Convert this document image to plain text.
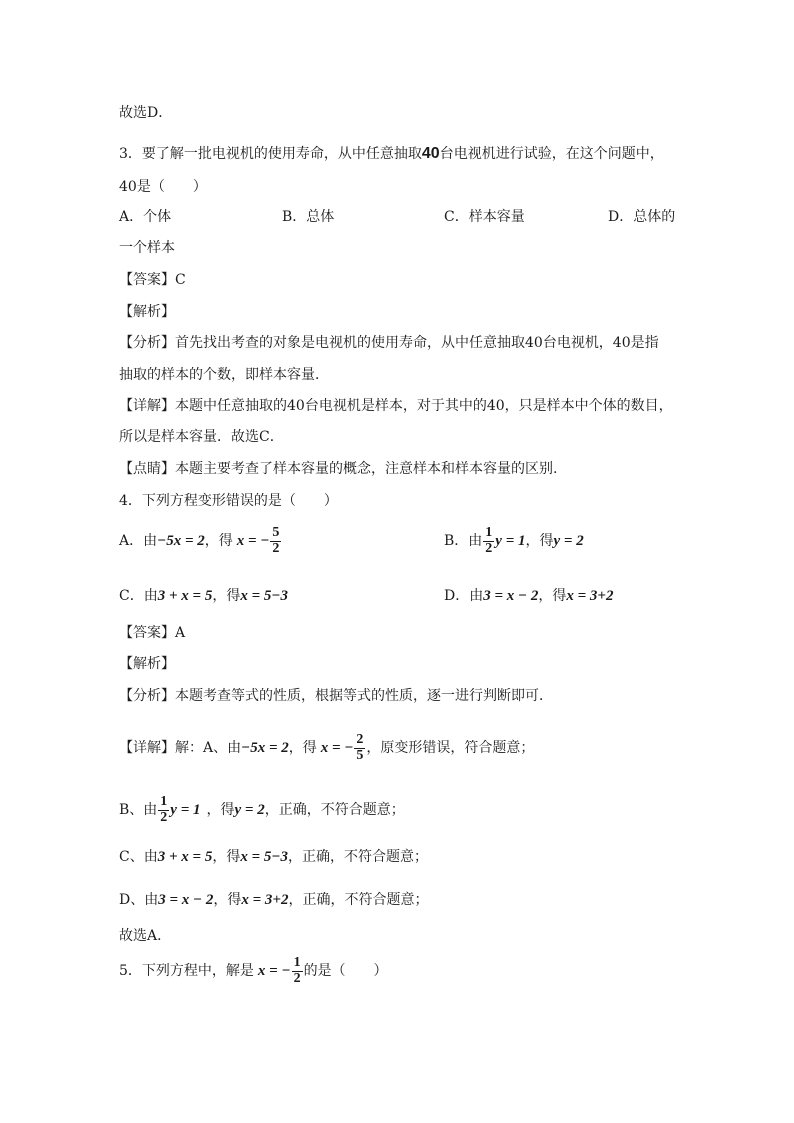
故选D．
3．要了解一批电视机的使用寿命，从中任意抽取40台电视机进行试验，在这个问题中，
40是（　　）
A．个体	B．总体	C．样本容量	D．总体的
一个样本
【答案】C
【解析】
【分析】首先找出考查的对象是电视机的使用寿命，从中任意抽取40台电视机，40是指
抽取的样本的个数，即样本容量．
【详解】本题中任意抽取的40台电视机是样本，对于其中的40，只是样本中个体的数目，
所以是样本容量．故选C．
【点睛】本题主要考查了样本容量的概念，注意样本和样本容量的区别.
4．下列方程变形错误的是（　　）
A．由 −5x = 2 ，得 x = − $\frac{5}{2}$	B．由 $\frac{1}{2}$ y = 1 ，得 y = 2
C．由3 + x = 5，得x = 5−3	D．由3 = x − 2，得x = 3+2
【答案】A
【解析】
【分析】本题考查等式的性质，根据等式的性质，逐一进行判断即可．
【详解】解：A、由 −5x = 2 ，得 x = − $\frac{2}{5}$ ，原变形错误，符合题意；
B、由 $\frac{1}{2}$ y = 1 ，得 y = 2 ，正确，不符合题意；
C、由3 + x = 5，得x = 5−3，正确，不符合题意；
D、由3 = x − 2，得x = 3+2，正确，不符合题意；
故选A．
5．下列方程中，解是 x = − $\frac{1}{2}$ 的是（　　）
